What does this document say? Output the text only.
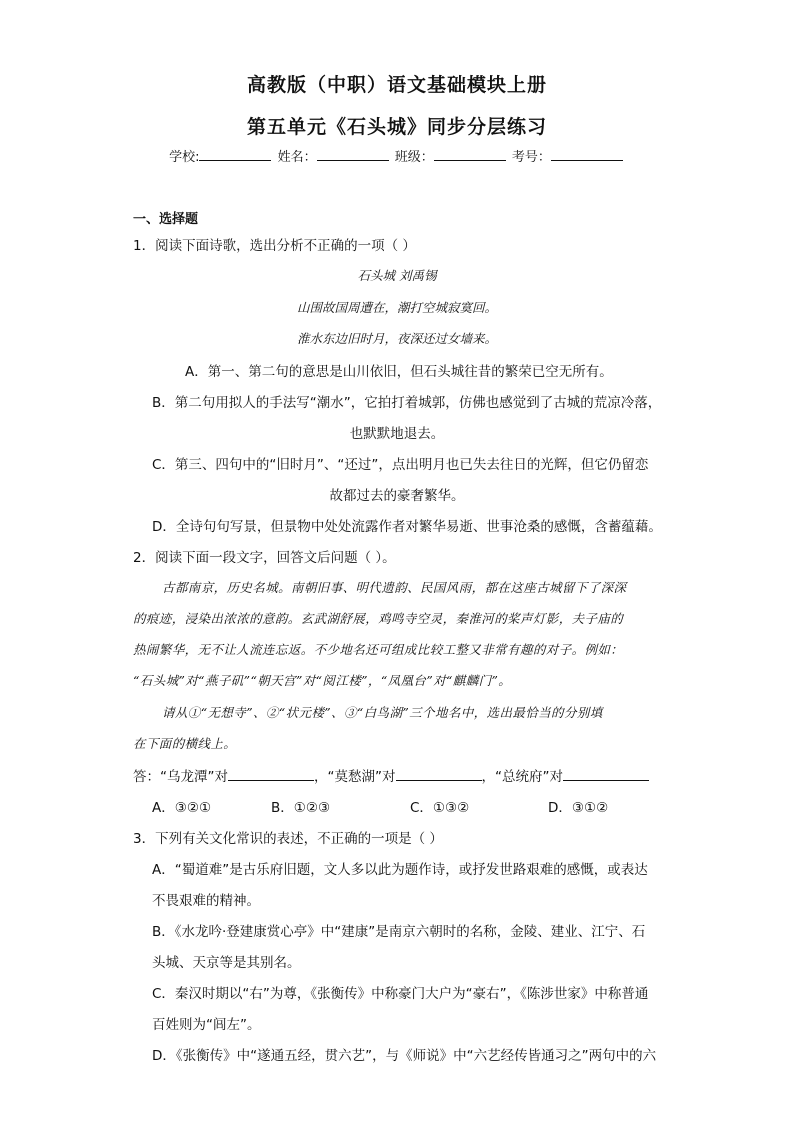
高教版（中职）语文基础模块上册
第五单元《石头城》同步分层练习
学校:	姓名：	班级：	考号：
一、选择题
1．阅读下面诗歌，选出分析不正确的一项（ ）
石头城 刘禹锡
山围故国周遭在，潮打空城寂寞回。
淮水东边旧时月，夜深还过女墙来。
A．第一、第二句的意思是山川依旧，但石头城往昔的繁荣已空无所有。
B．第二句用拟人的手法写“潮水”，它拍打着城郭，仿佛也感觉到了古城的荒凉冷落，
也默默地退去。
C．第三、四句中的“旧时月”、“还过”，点出明月也已失去往日的光辉，但它仍留恋
故都过去的豪奢繁华。
D．全诗句句写景，但景物中处处流露作者对繁华易逝、世事沧桑的感慨，含蓄蕴藉。
2．阅读下面一段文字，回答文后问题（ ）。
古都南京，历史名城。南朝旧事、明代遗韵、民国风雨，都在这座古城留下了深深
的痕迹，浸染出浓浓的意韵。玄武湖舒展，鸡鸣寺空灵，秦淮河的桨声灯影，夫子庙的
热闹繁华，无不让人流连忘返。不少地名还可组成比较工整又非常有趣的对子。例如：
“石头城”对“燕子矶”“朝天宫”对“阅江楼”，“凤凰台”对“麒麟门”。
请从①“无想寺”、②“状元楼”、③“白鸟湖”三个地名中，选出最恰当的分别填
在下面的横线上。
答：“乌龙潭”对	，“莫愁湖”对	，“总统府”对
A．③②①	B．①②③	C．①③②	D．③①②
3．下列有关文化常识的表述，不正确的一项是（ ）
A．“蜀道难”是古乐府旧题，文人多以此为题作诗，或抒发世路艰难的感慨，或表达
不畏艰难的精神。
B．《水龙吟·登建康赏心亭》中“建康”是南京六朝时的名称，金陵、建业、江宁、石
头城、天京等是其别名。
C．秦汉时期以“右”为尊，《张衡传》中称豪门大户为“豪右”，《陈涉世家》中称普通
百姓则为“闾左”。
D．《张衡传》中“遂通五经，贯六艺”，与《师说》中“六艺经传皆通习之”两句中的六
